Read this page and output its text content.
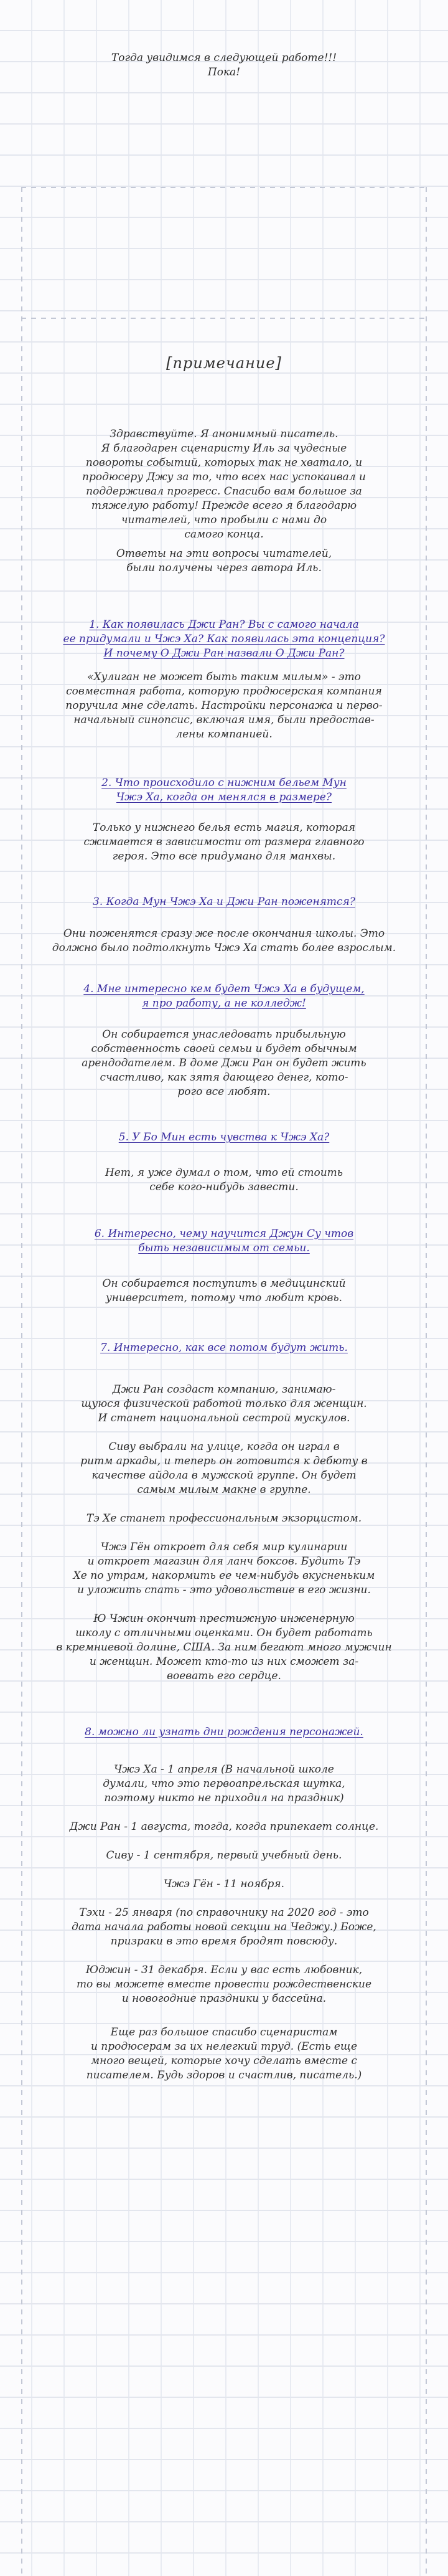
Тогда увидимся в следующей работе!!!
Пока!
[примечание]
Здравствуйте. Я анонимный писатель.
Я благодарен сценаристу Иль за чудесные
повороты событий, которых так не хватало, и
продюсеру Джу за то, что всех нас успокаивал и
поддерживал прогресс. Спасибо вам большое за
тяжелую работу! Прежде всего я благодарю
читателей, что пробыли с нами до
самого конца.
Ответы на эти вопросы читателей,
были получены через автора Иль.
1. Как появилась Джи Ран? Вы с самого начала
ее придумали и Чжэ Ха? Как появилась эта концепция?
И почему О Джи Ран назвали О Джи Ран?
«Хулиган не может быть таким милым» - это
совместная работа, которую продюсерская компания
поручила мне сделать. Настройки персонажа и перво-
начальный синопсис, включая имя, были предостав-
лены компанией.
2. Что происходило с нижним бельем Мун
Чжэ Ха, когда он менялся в размере?
Только у нижнего белья есть магия, которая
сжимается в зависимости от размера главного
героя. Это все придумано для манхвы.
3. Когда Мун Чжэ Ха и Джи Ран поженятся?
Они поженятся сразу же после окончания школы. Это
должно было подтолкнуть Чжэ Ха стать более взрослым.
4. Мне интересно кем будет Чжэ Ха в будущем,
я про работу, а не колледж!
Он собирается унаследовать прибыльную
собственность своей семьи и будет обычным
арендодателем. В доме Джи Ран он будет жить
счастливо, как зятя дающего денег, кото-
рого все любят.
5. У Бо Мин есть чувства к Чжэ Ха?
Нет, я уже думал о том, что ей стоить
себе кого-нибудь завести.
6. Интересно, чему научится Джун Су чтов
быть независимым от семьи.
Он собирается поступить в медицинский
университет, потому что любит кровь.
7. Интересно, как все потом будут жить.
Джи Ран создаст компанию, занимаю-
щуюся физической работой только для женщин.
И станет национальной сестрой мускулов.
Сиву выбрали на улице, когда он играл в
ритм аркады, и теперь он готовится к дебюту в
качестве айдола в мужской группе. Он будет
самым милым макне в группе.
Тэ Хе станет профессиональным экзорцистом.
Чжэ Гён откроет для себя мир кулинарии
и откроет магазин для ланч боксов. Будить Тэ
Хе по утрам, накормить ее чем-нибудь вкусненьким
и уложить спать - это удовольствие в его жизни.
Ю Чжин окончит престижную инженерную
школу с отличными оценками. Он будет работать
в кремниевой долине, США. За ним бегают много мужчин
и женщин. Может кто-то из них сможет за-
воевать его сердце.
8. можно ли узнать дни рождения персонажей.
Чжэ Ха - 1 апреля (В начальной школе
думали, что это первоапрельская шутка,
поэтому никто не приходил на праздник)
Джи Ран - 1 августа, тогда, когда припекает солнце.
Сиву - 1 сентября, первый учебный день.
Чжэ Гён - 11 ноября.
Тэхи - 25 января (по справочнику на 2020 год - это
дата начала работы новой секции на Чеджу.) Боже,
призраки в это время бродят повсюду.
Юджин - 31 декабря. Если у вас есть любовник,
то вы можете вместе провести рождественские
и новогодние праздники у бассейна.
Еще раз большое спасибо сценаристам
и продюсерам за их нелегкий труд. (Есть еще
много вещей, которые хочу сделать вместе с
писателем. Будь здоров и счастлив, писатель.)
